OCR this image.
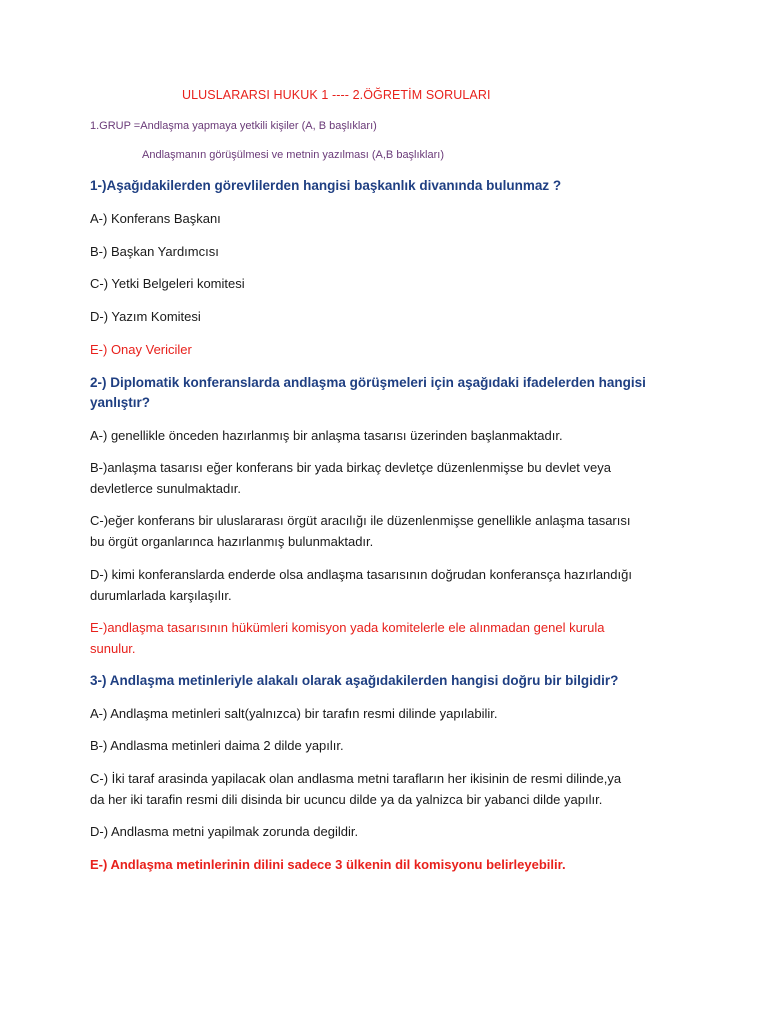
ULUSLARARSI HUKUK 1 ---- 2.ÖĞRETİM SORULARI
1.GRUP =Andlaşma yapmaya yetkili kişiler (A, B başlıkları)
Andlaşmanın görüşülmesi ve metnin yazılması (A,B başlıkları)
1-)Aşağıdakilerden görevlilerden hangisi başkanlık divanında bulunmaz ?
A-) Konferans Başkanı
B-) Başkan Yardımcısı
C-) Yetki Belgeleri komitesi
D-) Yazım Komitesi
E-) Onay Vericiler
2-) Diplomatik konferanslarda andlaşma görüşmeleri için aşağıdaki ifadelerden hangisi
yanlıştır?
A-) genellikle önceden hazırlanmış bir anlaşma tasarısı üzerinden başlanmaktadır.
B-)anlaşma tasarısı eğer konferans bir yada birkaç devletçe düzenlenmişse bu devlet veya
devletlerce sunulmaktadır.
C-)eğer konferans bir uluslararası örgüt aracılığı ile düzenlenmişse genellikle anlaşma tasarısı
bu örgüt organlarınca hazırlanmış bulunmaktadır.
D-) kimi konferanslarda enderde olsa andlaşma tasarısının doğrudan konferansça hazırlandığı
durumlarlada karşılaşılır.
E-)andlaşma tasarısının hükümleri komisyon yada komitelerle ele alınmadan genel kurula
sunulur.
3-) Andlaşma metinleriyle alakalı olarak aşağıdakilerden hangisi doğru bir bilgidir?
A-) Andlaşma metinleri salt(yalnızca) bir tarafın resmi dilinde yapılabilir.
B-) Andlasma metinleri daima 2 dilde yapılır.
C-) İki taraf arasinda yapilacak olan andlasma metni tarafların her ikisinin de resmi dilinde,ya
da her iki tarafin resmi dili disinda bir ucuncu dilde ya da yalnizca bir yabanci dilde yapılır.
D-) Andlasma metni yapilmak zorunda degildir.
E-) Andlaşma metinlerinin dilini sadece 3 ülkenin dil komisyonu belirleyebilir.
